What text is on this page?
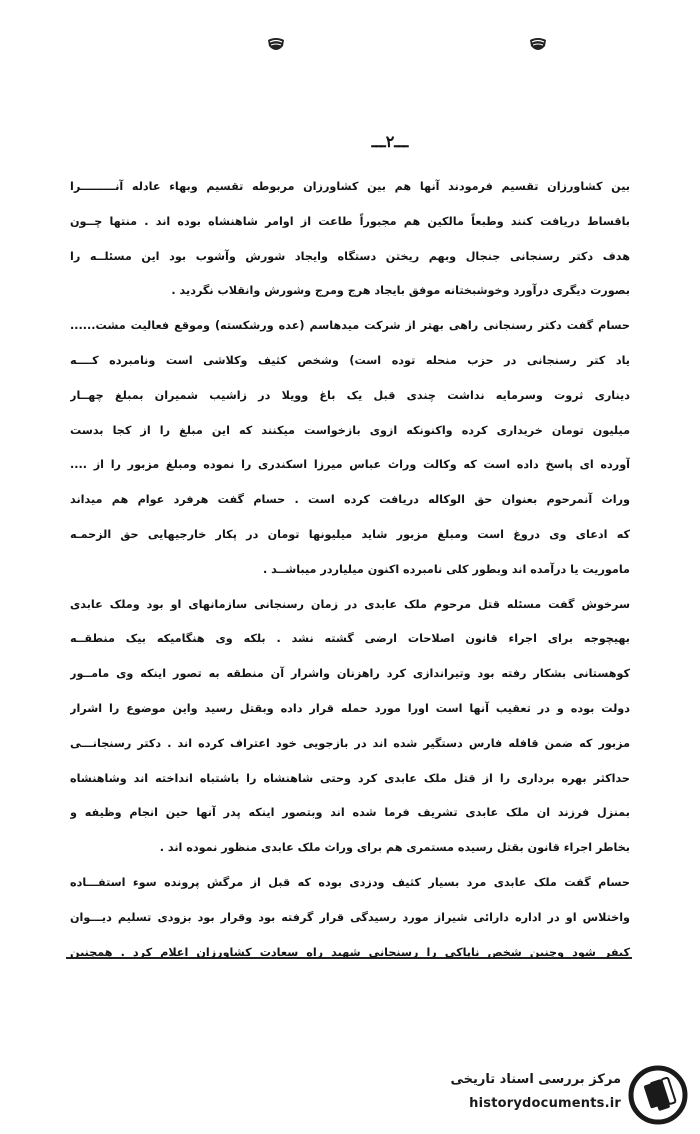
ـــ۲ـــ
بین کشاورزان تقسیم فرمودند آنها هم بین کشاورزان مربوطه تقسیم وبهاء عادله آنـــــــــرا
باقساط دریافت کنند وطبعاً مالکین هم مجبوراً طاعت از اوامر شاهنشاه بوده اند . منتها چــون
هدف دکتر رسنجانی جنجال وبهم ریختن دستگاه وایجاد شورش وآشوب بود این مسئلــه را
بصورت دیگری درآورد وخوشبختانه موفق بایجاد هرج ومرج وشورش وانقلاب نگردید .
حسام گفت دکتر رسنجانی راهی بهتر از شرکت میدهاسم (عده ورشکسته) وموقع فعالیت مشت......
یاد کتر رسنجانی در حزب منحله توده است) وشخص کثیف وکلاشی است ونامبرده کــــه
دیناری ثروت وسرمایه نداشت چندی قبل یک باغ وویلا در زاشیب شمیران بمبلغ چهــار
میلیون تومان خریداری کرده واکنونکه ازوی بازخواست میکنند که این مبلغ را از کجا بدست
آورده ای پاسخ داده است که وکالت وراث عباس میرزا اسکندری را نموده ومبلغ مزبور را از ....
وراث آنمرحوم بعنوان حق الوکاله دریافت کرده است . حسام گفت هرفرد عوام هم میداند
که ادعای وی دروغ است ومبلغ مزبور شاید میلیونها تومان در پکار خارجیهایی حق الزحمـه
ماموریت یا درآمده اند وبطور کلی نامبرده اکنون میلیاردر میباشــد .
سرخوش گفت مسئله قتل مرحوم ملک عابدی در زمان رسنجانی سازمانهای او بود وملک عابدی
بهیچوجه برای اجراء قانون اصلاحات ارضی گشته نشد . بلکه وی هنگامیکه بیک منطقــه
کوهستانی بشکار رفته بود وتیراندازی کرد راهزنان واشرار آن منطقه به تصور اینکه وی مامــور
دولت بوده و در تعقیب آنها است اورا مورد حمله قرار داده وبقتل رسید واین موضوع را اشرار
مزبور که ضمن قافله فارس دستگیر شده اند در بازجویی خود اعتراف کرده اند . دکتر رسنجانـــی
حداکثر بهره برداری را از قتل ملک عابدی کرد وحتی شاهنشاه را باشتباه انداخته اند وشاهنشاه
بمنزل فرزند ان ملک عابدی تشریف فرما شده اند وبتصور اینکه پدر آنها حین انجام وظیفه و
بخاطر اجراء قانون بقتل رسیده مستمری هم برای وراث ملک عابدی منظور نموده اند .
حسام گفت ملک عابدی مرد بسیار کثیف ودزدی بوده که قبل از مرگش پرونده سوء استفـــاده
واختلاس او در اداره دارائی شیراز مورد رسیدگی قرار گرفته بود وقرار بود بزودی تسلیم دیـــوان
کیفر شود وچنین شخص ناپاکی را رسنجانی شهید راه سعادت کشاورزان اعلام کرد . همچنین
مرکز بررسی اسناد تاریخی
historydocuments.ir
